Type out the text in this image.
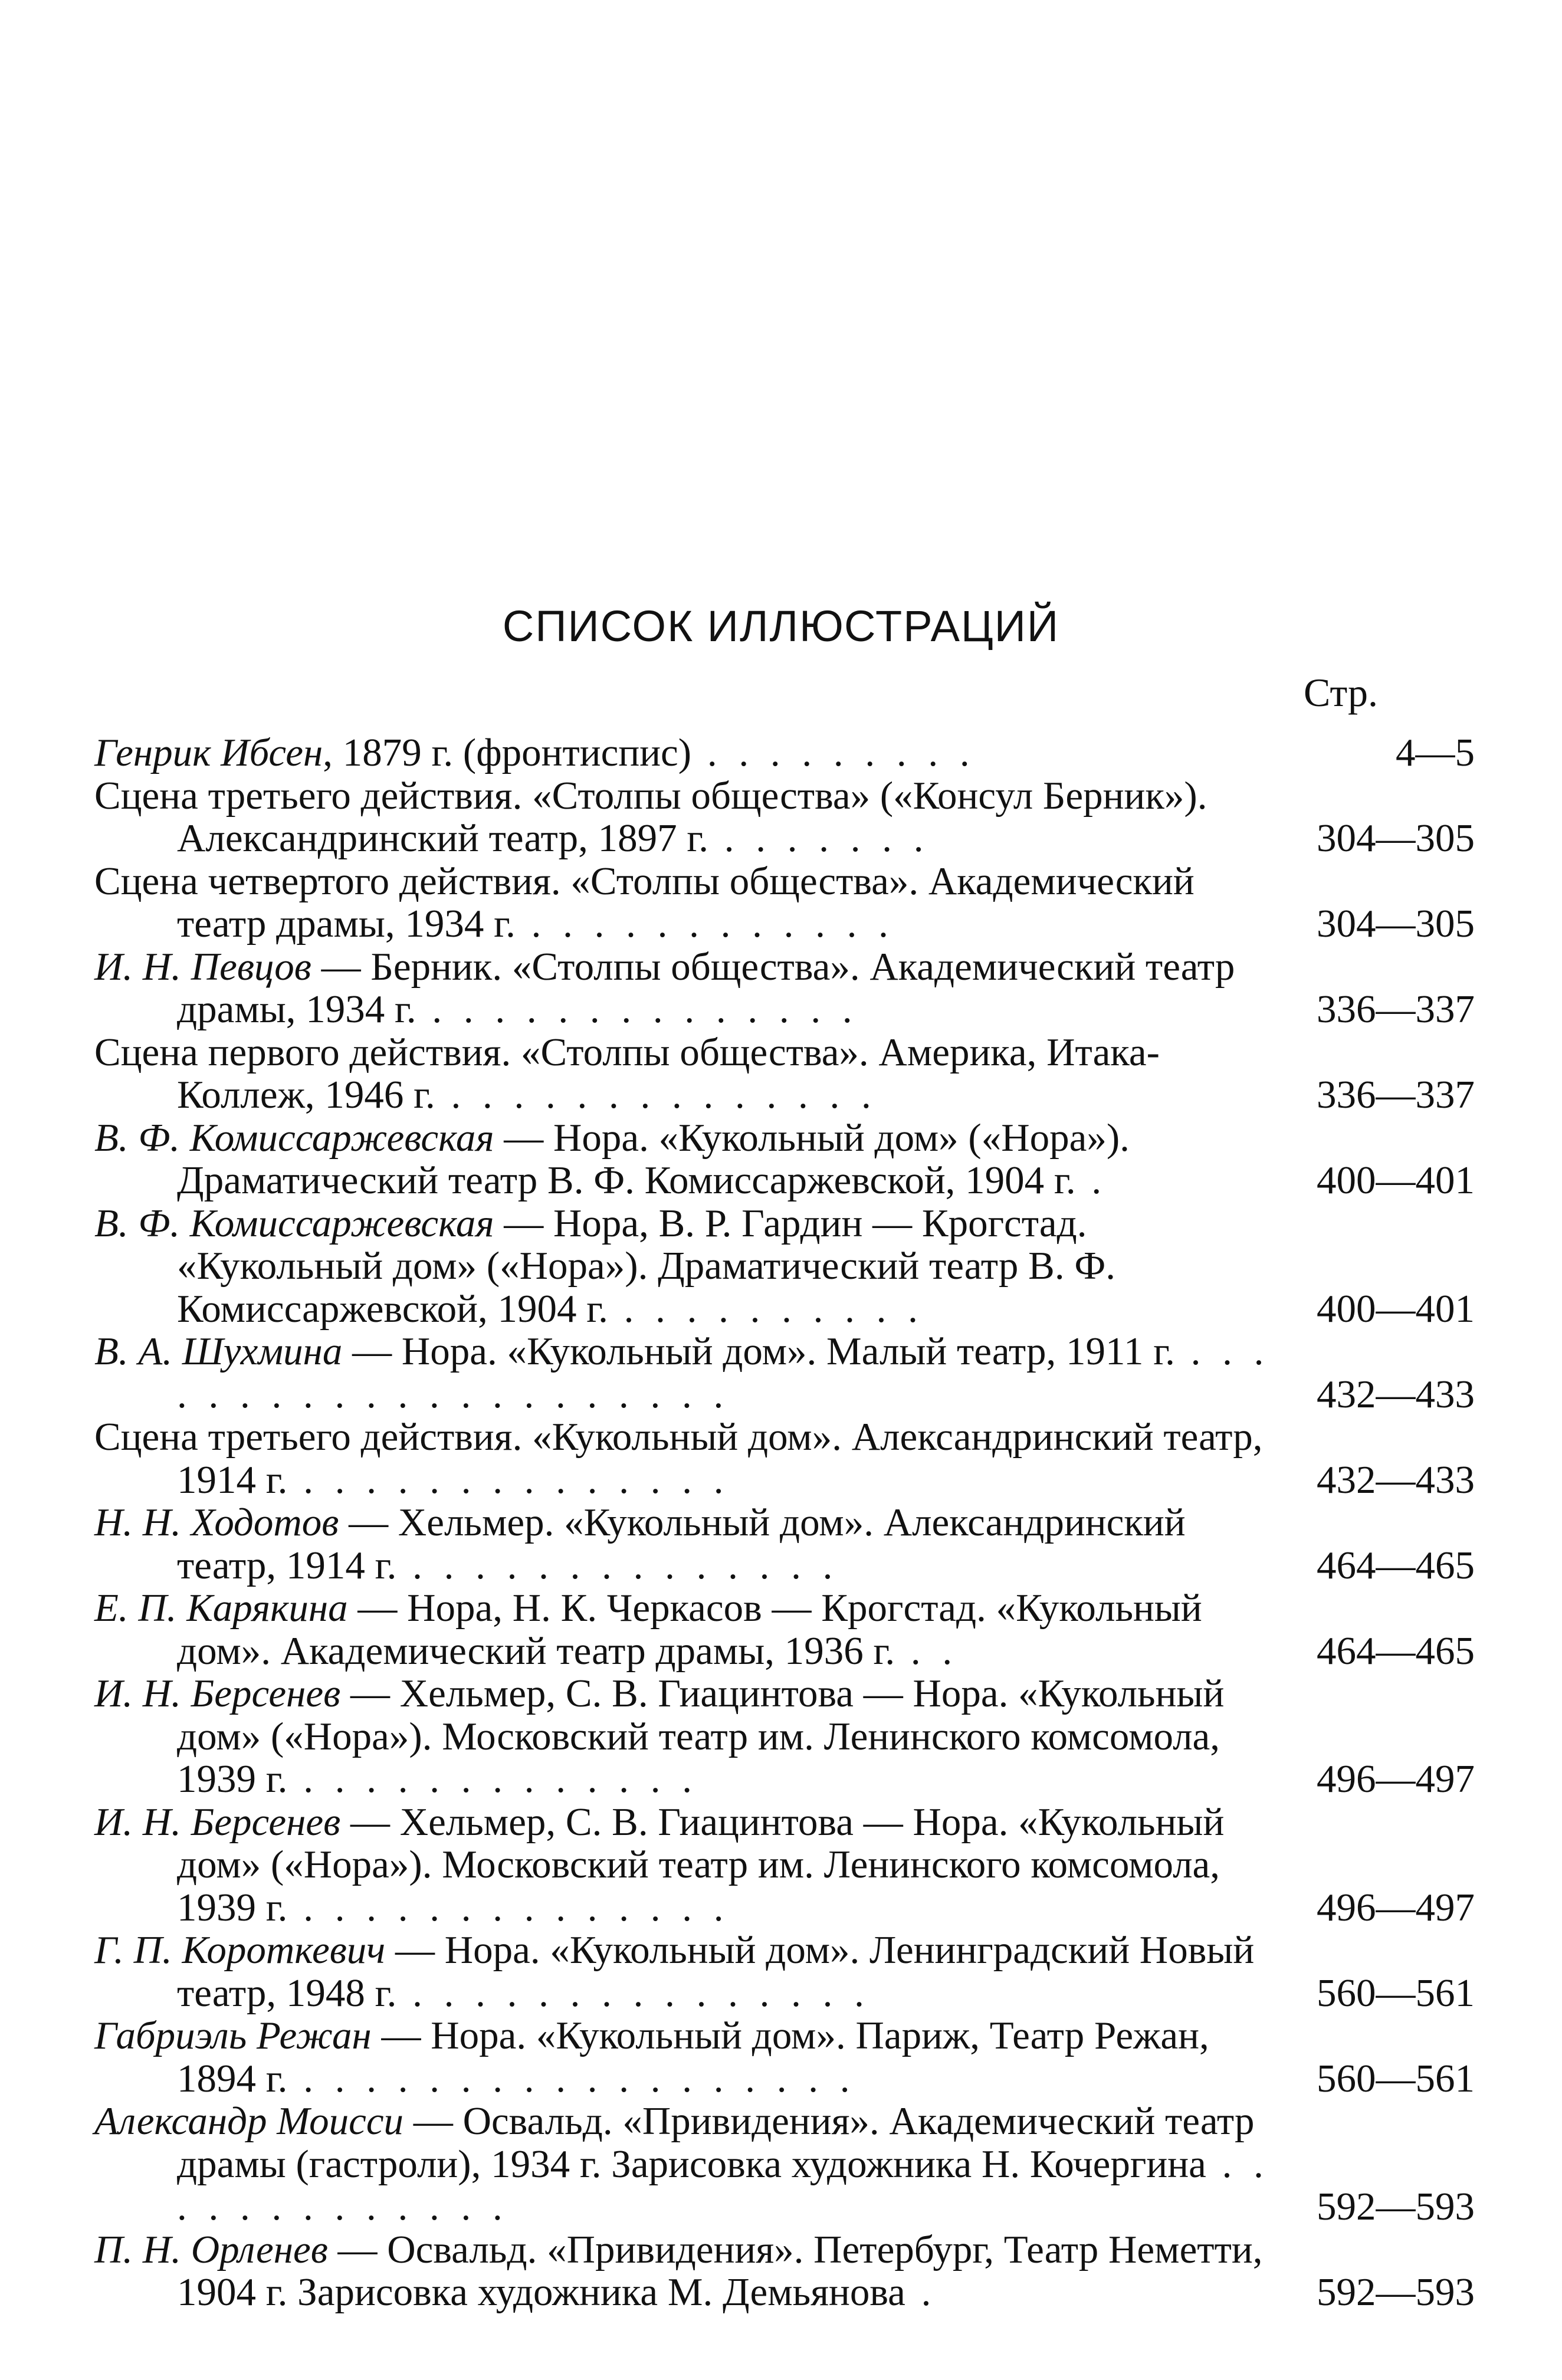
СПИСОК ИЛЛЮСТРАЦИЙ
Стр.
Генрик Ибсен, 1879 г. (фронтиспис) . . . . . . . . .	4—5
Сцена третьего действия. «Столпы общества» («Консул Берник»). Александринский театр, 1897 г. . . . . . . .	304—305
Сцена четвертого действия. «Столпы общества». Академический театр драмы, 1934 г. . . . . . . . . . . . .	304—305
И. Н. Певцов — Берник. «Столпы общества». Академический театр драмы, 1934 г. . . . . . . . . . . . . . .	336—337
Сцена первого действия. «Столпы общества». Америка, Итака-Коллеж, 1946 г. . . . . . . . . . . . . . .	336—337
В. Ф. Комиссаржевская — Нора. «Кукольный дом» («Нора»). Драматический театр В. Ф. Комиссаржевской, 1904 г. .	400—401
В. Ф. Комиссаржевская — Нора, В. Р. Гардин — Крогстад. «Кукольный дом» («Нора»). Драматический театр В. Ф. Комиссаржевской, 1904 г. . . . . . . . . . .	400—401
В. А. Шухмина — Нора. «Кукольный дом». Малый театр, 1911 г. . . . . . . . . . . . . . . . . . . . . .	432—433
Сцена третьего действия. «Кукольный дом». Александринский театр, 1914 г. . . . . . . . . . . . . . .	432—433
Н. Н. Ходотов — Хельмер. «Кукольный дом». Александринский театр, 1914 г. . . . . . . . . . . . . . .	464—465
Е. П. Карякина — Нора, Н. К. Черкасов — Крогстад. «Кукольный дом». Академический театр драмы, 1936 г. . .	464—465
И. Н. Берсенев — Хельмер, С. В. Гиацинтова — Нора. «Кукольный дом» («Нора»). Московский театр им. Ленинского комсомола, 1939 г. . . . . . . . . . . . . .	496—497
И. Н. Берсенев — Хельмер, С. В. Гиацинтова — Нора. «Кукольный дом» («Нора»). Московский театр им. Ленинского комсомола, 1939 г. . . . . . . . . . . . . . .	496—497
Г. П. Короткевич — Нора. «Кукольный дом». Ленинградский Новый театр, 1948 г. . . . . . . . . . . . . . . .	560—561
Габриэль Режан — Нора. «Кукольный дом». Париж, Театр Режан, 1894 г. . . . . . . . . . . . . . . . . . .	560—561
Александр Моисси — Освальд. «Привидения». Академический театр драмы (гастроли), 1934 г. Зарисовка художника Н. Кочергина . . . . . . . . . . . . .	592—593
П. Н. Орленев — Освальд. «Привидения». Петербург, Театр Неметти, 1904 г. Зарисовка художника М. Демьянова .	592—593
